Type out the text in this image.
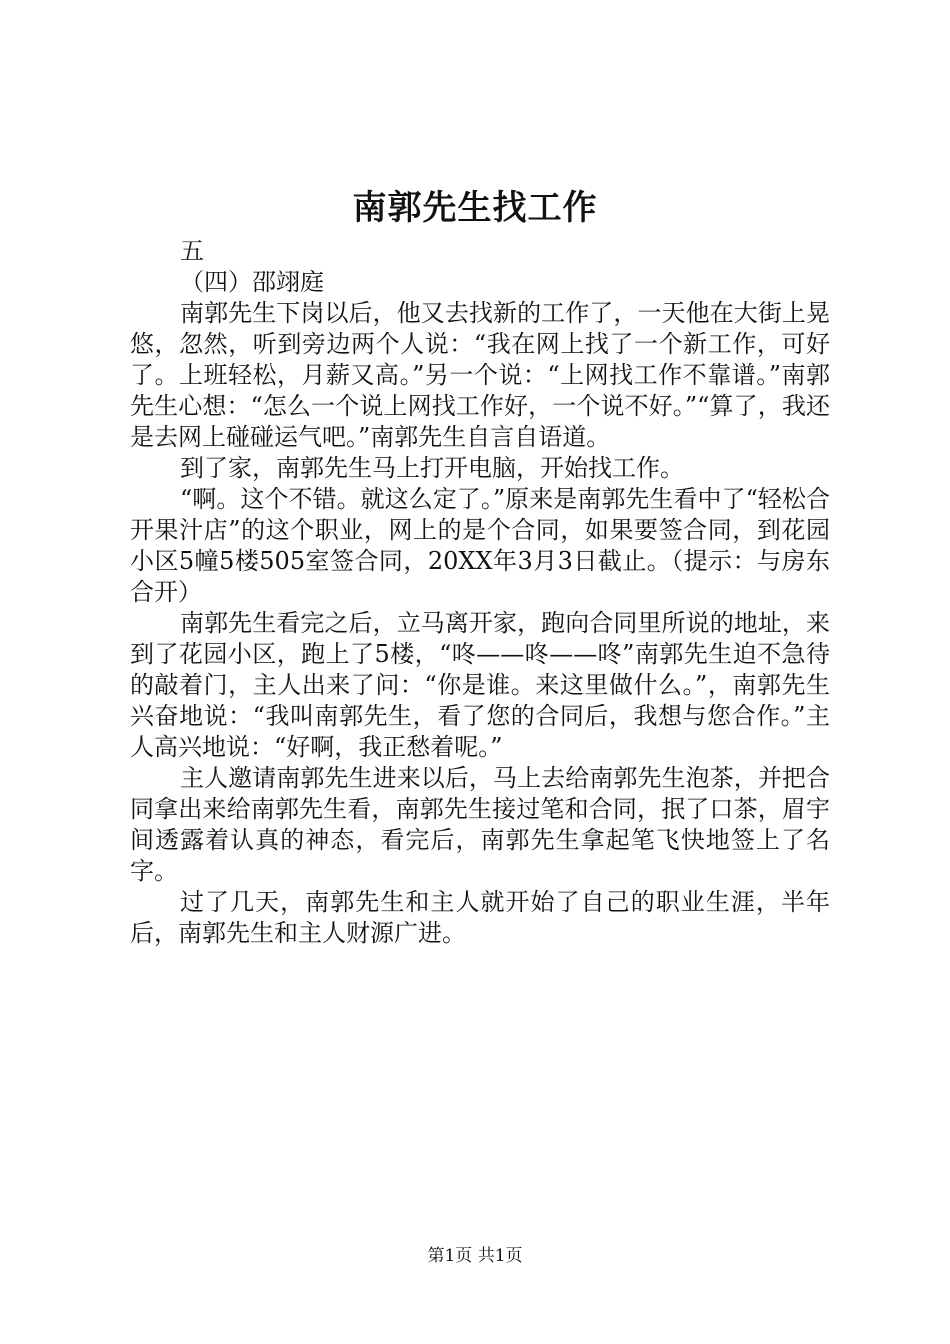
南郭先生找工作

五

（四）邵翊庭

南郭先生下岗以后，他又去找新的工作了，一天他在大街上晃悠，忽然，听到旁边两个人说：“我在网上找了一个新工作，可好了。上班轻松，月薪又高。”另一个说：“上网找工作不靠谱。”南郭先生心想：“怎么一个说上网找工作好，一个说不好。”“算了，我还是去网上碰碰运气吧。”南郭先生自言自语道。

到了家，南郭先生马上打开电脑，开始找工作。

“啊。这个不错。就这么定了。”原来是南郭先生看中了“轻松合开果汁店”的这个职业，网上的是个合同，如果要签合同，到花园小区5幢5楼505室签合同，20XX年3月3日截止。（提示：与房东合开）

南郭先生看完之后，立马离开家，跑向合同里所说的地址，来到了花园小区，跑上了5楼，“咚——咚——咚”南郭先生迫不急待的敲着门，主人出来了问：“你是谁。来这里做什么。”，南郭先生兴奋地说：“我叫南郭先生，看了您的合同后，我想与您合作。”主人高兴地说：“好啊，我正愁着呢。”

主人邀请南郭先生进来以后，马上去给南郭先生泡茶，并把合同拿出来给南郭先生看，南郭先生接过笔和合同，抿了口茶，眉宇间透露着认真的神态，看完后，南郭先生拿起笔飞快地签上了名字。

过了几天，南郭先生和主人就开始了自己的职业生涯，半年后，南郭先生和主人财源广进。

第1页 共1页
